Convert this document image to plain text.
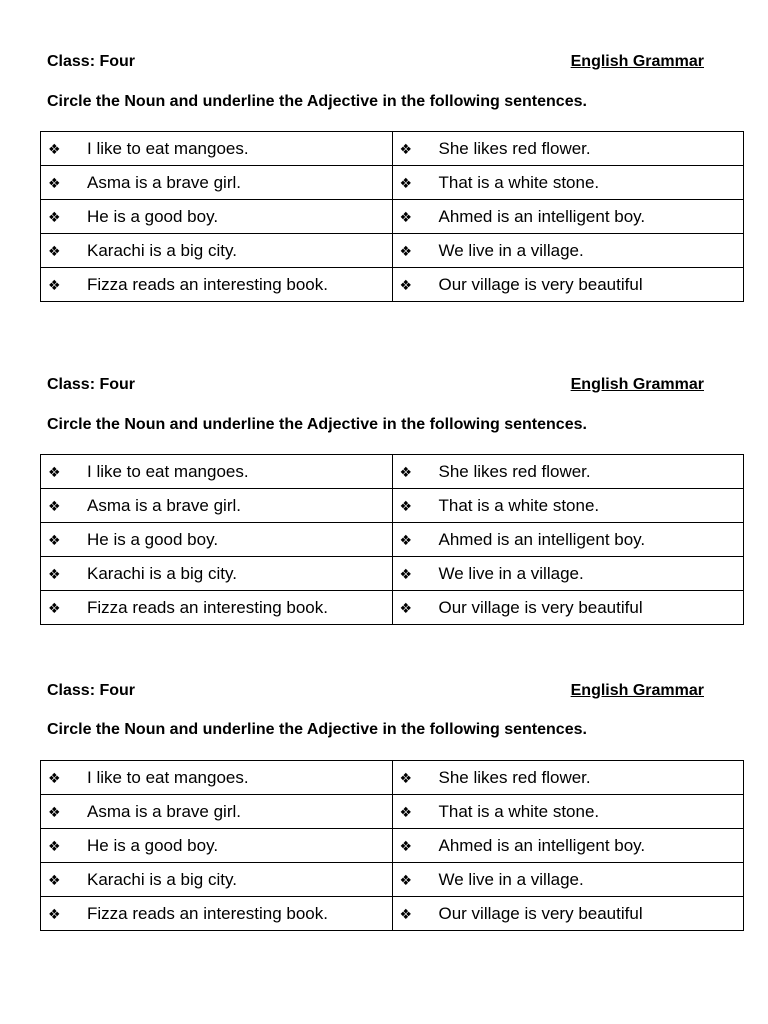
Class: Four	English Grammar
Circle the Noun and underline the Adjective in the following sentences.
❖ I like to eat mangoes.	❖ She likes red flower.
❖ Asma is a brave girl.	❖ That is a white stone.
❖ He is a good boy.	❖ Ahmed is an intelligent boy.
❖ Karachi is a big city.	❖ We live in a village.
❖ Fizza reads an interesting book.	❖ Our village is very beautiful
Class: Four	English Grammar
Circle the Noun and underline the Adjective in the following sentences.
❖ I like to eat mangoes.	❖ She likes red flower.
❖ Asma is a brave girl.	❖ That is a white stone.
❖ He is a good boy.	❖ Ahmed is an intelligent boy.
❖ Karachi is a big city.	❖ We live in a village.
❖ Fizza reads an interesting book.	❖ Our village is very beautiful
Class: Four	English Grammar
Circle the Noun and underline the Adjective in the following sentences.
❖ I like to eat mangoes.	❖ She likes red flower.
❖ Asma is a brave girl.	❖ That is a white stone.
❖ He is a good boy.	❖ Ahmed is an intelligent boy.
❖ Karachi is a big city.	❖ We live in a village.
❖ Fizza reads an interesting book.	❖ Our village is very beautiful
